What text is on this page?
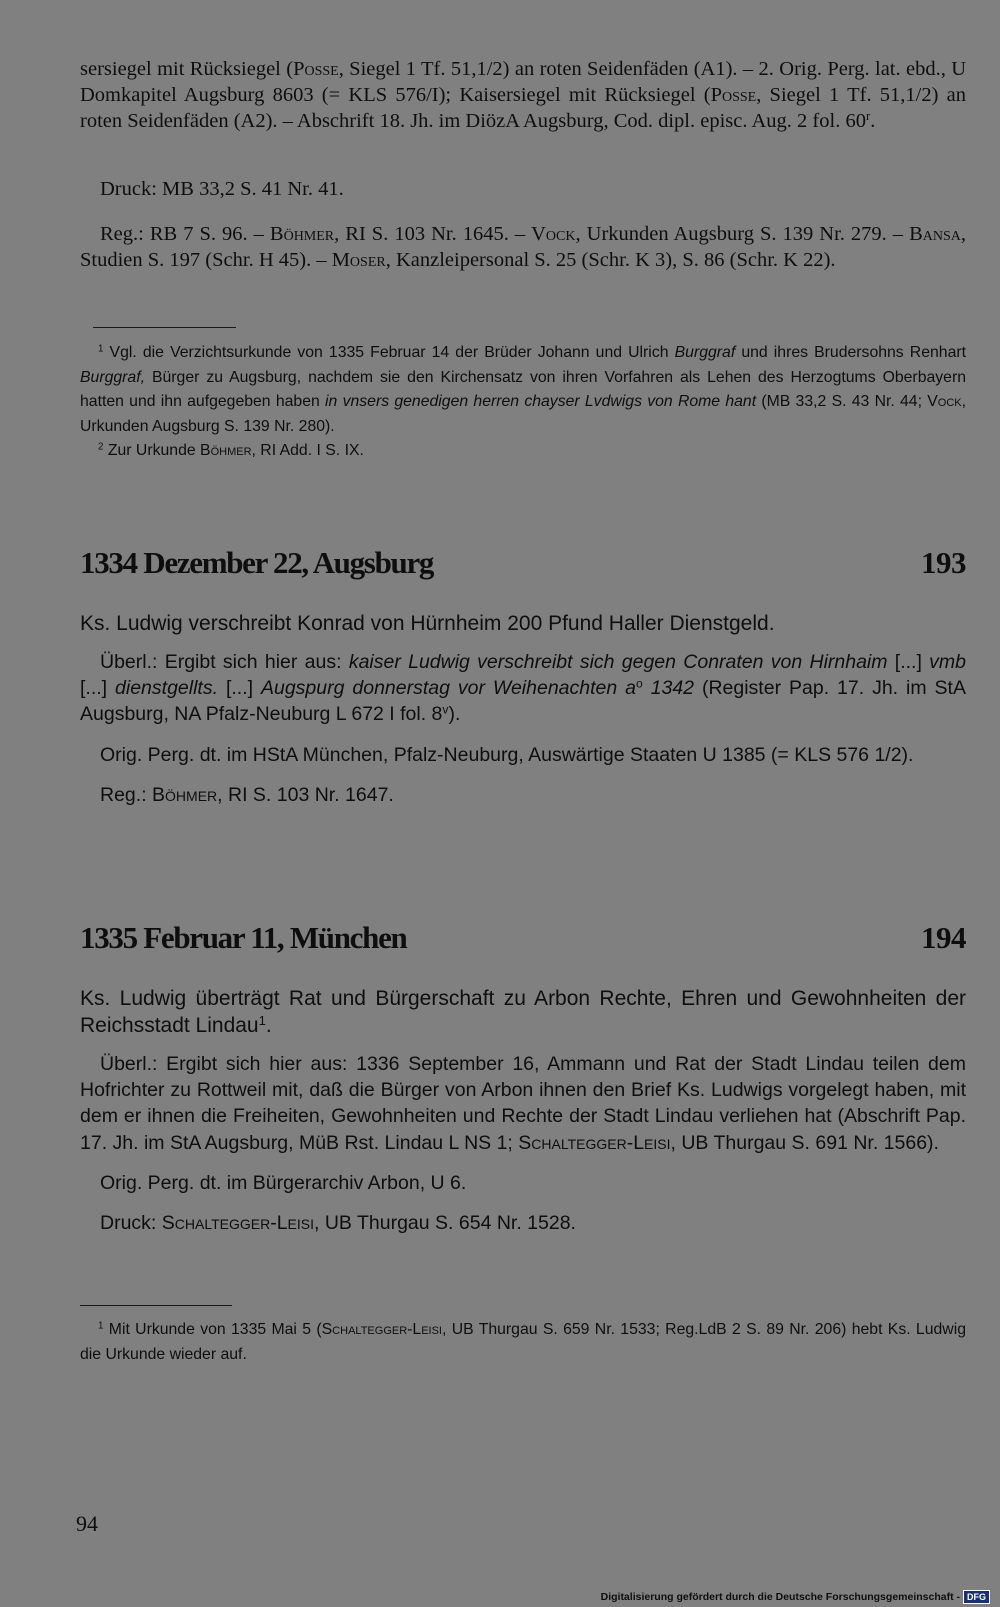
sersiegel mit Rücksiegel (Posse, Siegel 1 Tf. 51,1/2) an roten Seidenfäden (A1). – 2. Orig. Perg. lat. ebd., U Domkapitel Augsburg 8603 (= KLS 576/I); Kaisersiegel mit Rücksiegel (Posse, Siegel 1 Tf. 51,1/2) an roten Seidenfäden (A2). – Abschrift 18. Jh. im DiözA Augsburg, Cod. dipl. episc. Aug. 2 fol. 60$^r$.

Druck: MB 33,2 S. 41 Nr. 41.

Reg.: RB 7 S. 96. – Böhmer, RI S. 103 Nr. 1645. – Vock, Urkunden Augsburg S. 139 Nr. 279. – Bansa, Studien S. 197 (Schr. H 45). – Moser, Kanzleipersonal S. 25 (Schr. K 3), S. 86 (Schr. K 22).

$^1$ Vgl. die Verzichtsurkunde von 1335 Februar 14 der Brüder Johann und Ulrich Burggraf und ihres Brudersohns Renhart Burggraf, Bürger zu Augsburg, nachdem sie den Kirchensatz von ihren Vorfahren als Lehen des Herzogtums Oberbayern hatten und ihn aufgegeben haben in vnsers genedigen herren chayser Lvdwigs von Rome hant (MB 33,2 S. 43 Nr. 44; Vock, Urkunden Augsburg S. 139 Nr. 280).

$^2$ Zur Urkunde Böhmer, RI Add. I S. IX.

1334 Dezember 22, Augsburg	193

Ks. Ludwig verschreibt Konrad von Hürnheim 200 Pfund Haller Dienstgeld.

Überl.: Ergibt sich hier aus: kaiser Ludwig verschreibt sich gegen Conraten von Hirnhaim [...] vmb [...] dienstgellts. [...] Augspurg donnerstag vor Weihenachten $a^o$ 1342 (Register Pap. 17. Jh. im StA Augsburg, NA Pfalz-Neuburg L 672 I fol. 8$^v$).

Orig. Perg. dt. im HStA München, Pfalz-Neuburg, Auswärtige Staaten U 1385 (= KLS 576 1/2).

Reg.: Böhmer, RI S. 103 Nr. 1647.

1335 Februar 11, München	194

Ks. Ludwig überträgt Rat und Bürgerschaft zu Arbon Rechte, Ehren und Gewohnheiten der Reichsstadt Lindau$^1$.

Überl.: Ergibt sich hier aus: 1336 September 16, Ammann und Rat der Stadt Lindau teilen dem Hofrichter zu Rottweil mit, daß die Bürger von Arbon ihnen den Brief Ks. Ludwigs vorgelegt haben, mit dem er ihnen die Freiheiten, Gewohnheiten und Rechte der Stadt Lindau verliehen hat (Abschrift Pap. 17. Jh. im StA Augsburg, MüB Rst. Lindau L NS 1; Schaltegger-Leisi, UB Thurgau S. 691 Nr. 1566).

Orig. Perg. dt. im Bürgerarchiv Arbon, U 6.

Druck: Schaltegger-Leisi, UB Thurgau S. 654 Nr. 1528.

$^1$ Mit Urkunde von 1335 Mai 5 (Schaltegger-Leisi, UB Thurgau S. 659 Nr. 1533; Reg.LdB 2 S. 89 Nr. 206) hebt Ks. Ludwig die Urkunde wieder auf.

94
Digitalisierung gefördert durch die Deutsche Forschungsgemeinschaft - DFG
